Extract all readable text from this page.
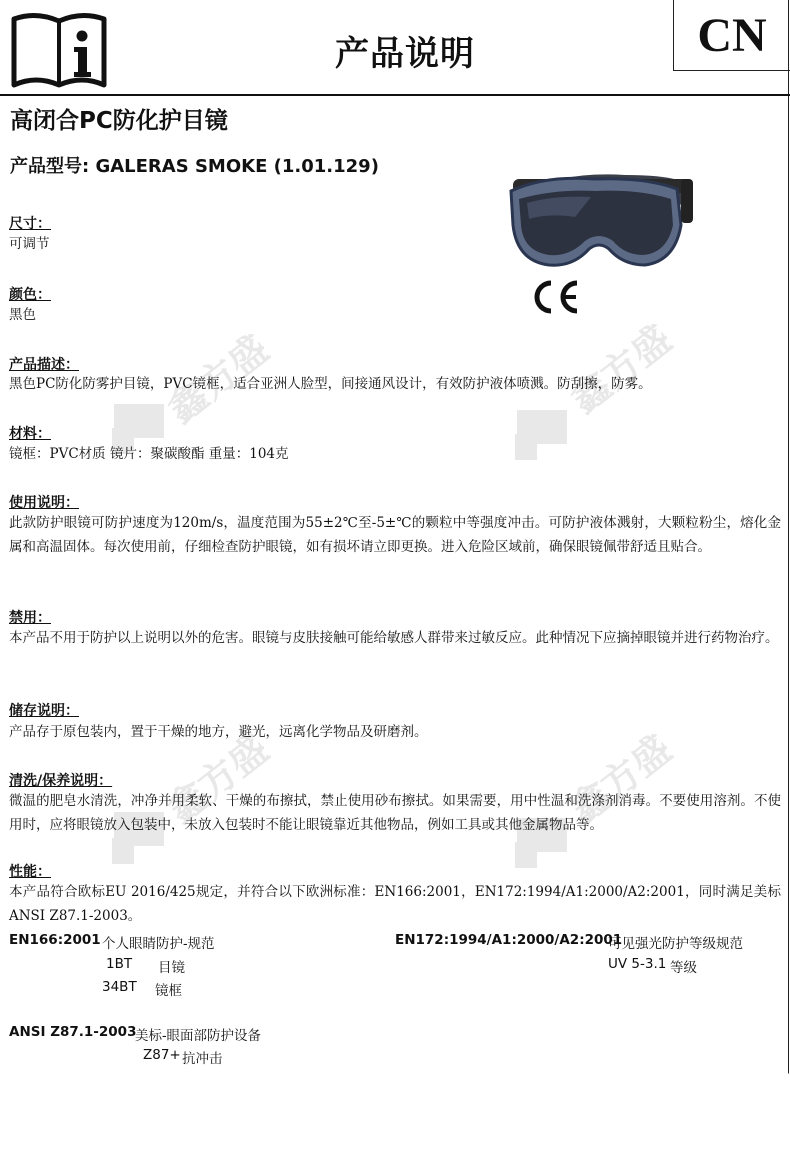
产品说明	CN
高闭合PC防化护目镜
产品型号: GALERAS SMOKE (1.01.129)
鑫方盛	鑫方盛
鑫方盛	鑫方盛
尺寸：
可调节
颜色：
黑色
产品描述：
黑色PC防化防雾护目镜，PVC镜框，适合亚洲人脸型，间接通风设计，有效防护液体喷溅。防刮擦，防雾。
材料：
镜框：PVC材质 镜片：聚碳酸酯 重量：104克
使用说明：
此款防护眼镜可防护速度为120m/s，温度范围为55±2℃至-5±℃的颗粒中等强度冲击。可防护液体溅射，大颗粒粉尘，熔化金属和高温固体。每次使用前，仔细检查防护眼镜，如有损坏请立即更换。进入危险区域前，确保眼镜佩带舒适且贴合。
禁用：
本产品不用于防护以上说明以外的危害。眼镜与皮肤接触可能给敏感人群带来过敏反应。此种情况下应摘掉眼镜并进行药物治疗。
储存说明：
产品存于原包装内，置于干燥的地方，避光，远离化学物品及研磨剂。
清洗/保养说明：
微温的肥皂水清洗，冲净并用柔软、干燥的布擦拭，禁止使用砂布擦拭。如果需要，用中性温和洗涤剂消毒。不要使用溶剂。不使用时，应将眼镜放入包装中，未放入包装时不能让眼镜靠近其他物品，例如工具或其他金属物品等。
性能：
本产品符合欧标EU 2016/425规定，并符合以下欧洲标准：EN166:2001，EN172:1994/A1:2000/A2:2001，同时满足美标ANSI Z87.1-2003。
EN166:2001 个人眼睛防护-规范
1BT 目镜
34BT 镜框
EN172:1994/A1:2000/A2:2001
可见强光防护等级规范
UV 5-3.1 等级
ANSI Z87.1-2003
美标-眼面部防护设备
Z87+ 抗冲击
